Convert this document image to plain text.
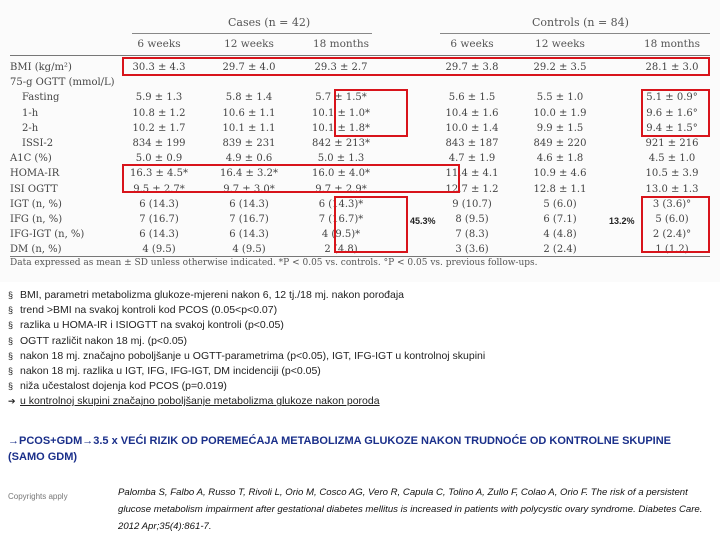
Cases (n = 42)	Controls (n = 84)
6 weeks	12 weeks	18 months	6 weeks	12 weeks	18 months
BMI (kg/m²)	30.3 ± 4.3	29.7 ± 4.0	29.3 ± 2.7	29.7 ± 3.8	29.2 ± 3.5	28.1 ± 3.0
75-g OGTT (mmol/L)
Fasting	5.9 ± 1.3	5.8 ± 1.4	5.7 ± 1.5*	5.6 ± 1.5	5.5 ± 1.0	5.1 ± 0.9°
1-h	10.8 ± 1.2	10.6 ± 1.1	10.1 ± 1.0*	10.4 ± 1.6	10.0 ± 1.9	9.6 ± 1.6°
2-h	10.2 ± 1.7	10.1 ± 1.1	10.1 ± 1.8*	10.0 ± 1.4	9.9 ± 1.5	9.4 ± 1.5°
ISSI-2	834 ± 199	839 ± 231	842 ± 213*	843 ± 187	849 ± 220	921 ± 216
A1C (%)	5.0 ± 0.9	4.9 ± 0.6	5.0 ± 1.3	4.7 ± 1.9	4.6 ± 1.8	4.5 ± 1.0
HOMA-IR	16.3 ± 4.5*	16.4 ± 3.2*	16.0 ± 4.0*	11.4 ± 4.1	10.9 ± 4.6	10.5 ± 3.9
ISI OGTT	9.5 ± 2.7*	9.7 ± 3.0*	9.7 ± 2.9*	12.7 ± 1.2	12.8 ± 1.1	13.0 ± 1.3
IGT (n, %)	6 (14.3)	6 (14.3)	6 (14.3)*	9 (10.7)	5 (6.0)	3 (3.6)°
IFG (n, %)	7 (16.7)	7 (16.7)	7 (16.7)*	8 (9.5)	6 (7.1)	5 (6.0)
IFG-IGT (n, %)	6 (14.3)	6 (14.3)	4 (9.5)*	7 (8.3)	4 (4.8)	2 (2.4)°
DM (n, %)	4 (9.5)	4 (9.5)	2 (4.8)	3 (3.6)	2 (2.4)	1 (1.2)
Data expressed as mean ± SD unless otherwise indicated. *P < 0.05 vs. controls. °P < 0.05 vs. previous follow-ups.
45.3%	13.2%
§ BMI, parametri metabolizma glukoze-mjereni nakon 6, 12 tj./18 mj. nakon porođaja
§ trend >BMI na svakoj kontroli kod PCOS (0.05<p<0.07)
§ razlika u HOMA-IR i ISIOGTT na svakoj kontroli (p<0.05)
§ OGTT različit nakon 18 mj. (p<0.05)
§ nakon 18 mj. značajno poboljšanje u OGTT-parametrima (p<0.05), IGT, IFG-IGT u kontrolnoj skupini
§ nakon 18 mj. razlika u IGT, IFG, IFG-IGT, DM incidenciji (p<0.05)
§ niža učestalost dojenja kod PCOS (p=0.019)
➔ u kontrolnoj skupini značajno poboljšanje metabolizma glukoze nakon poroda
→PCOS+GDM→3.5 x VEĆI RIZIK OD POREMEĆAJA METABOLIZMA GLUKOZE NAKON TRUDNOĆE OD KONTROLNE SKUPINE (SAMO GDM)
Copyrights apply	Palomba S, Falbo A, Russo T, Rivoli L, Orio M, Cosco AG, Vero R, Capula C, Tolino A, Zullo F, Colao A, Orio F. The risk of a persistent glucose metabolism impairment after gestational diabetes mellitus is increased in patients with polycystic ovary syndrome. Diabetes Care. 2012 Apr;35(4):861-7.
